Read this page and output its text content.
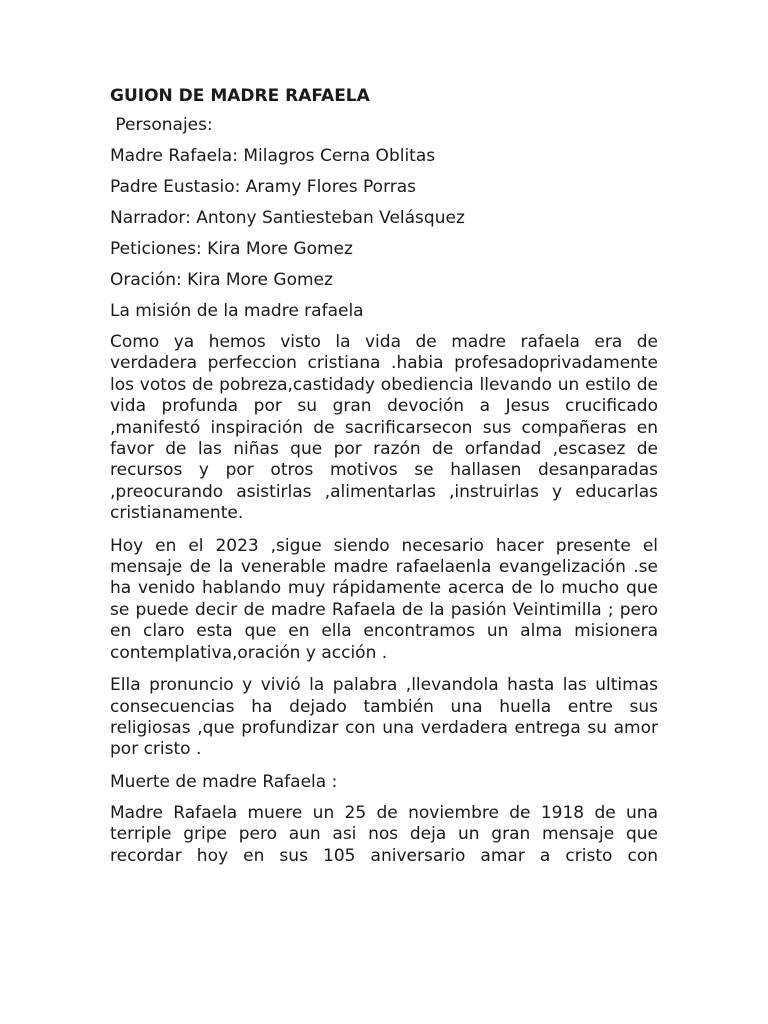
GUION DE MADRE RAFAELA
Personajes:
Madre Rafaela: Milagros Cerna Oblitas
Padre Eustasio: Aramy Flores Porras
Narrador: Antony Santiesteban Velásquez
Peticiones: Kira More Gomez
Oración: Kira More Gomez
La misión de la madre rafaela
Como ya hemos visto la vida de madre rafaela era de verdadera perfeccion cristiana .habia profesadoprivadamente los votos de pobreza,castidady obediencia llevando un estilo de vida profunda por su gran devoción a Jesus crucificado ,manifestó inspiración de sacrificarsecon sus compañeras en favor de las niñas que por razón de orfandad ,escasez de recursos y por otros motivos se hallasen desanparadas ,preocurando asistirlas ,alimentarlas ,instruirlas y educarlas cristianamente.
Hoy en el 2023 ,sigue siendo necesario hacer presente el mensaje de la venerable madre rafaelaenla evangelización .se ha venido hablando muy rápidamente acerca de lo mucho que se puede decir de madre Rafaela de la pasión Veintimilla ; pero en claro esta que en ella encontramos un alma misionera contemplativa,oración y acción .
Ella pronuncio y vivió la palabra ,llevandola hasta las ultimas consecuencias ha dejado también una huella entre sus religiosas ,que profundizar con una verdadera entrega su amor por cristo .
Muerte de madre Rafaela :
Madre Rafaela muere un 25 de noviembre de 1918 de una terriple gripe pero aun asi nos deja un gran mensaje que recordar hoy en sus 105 aniversario amar a cristo con
